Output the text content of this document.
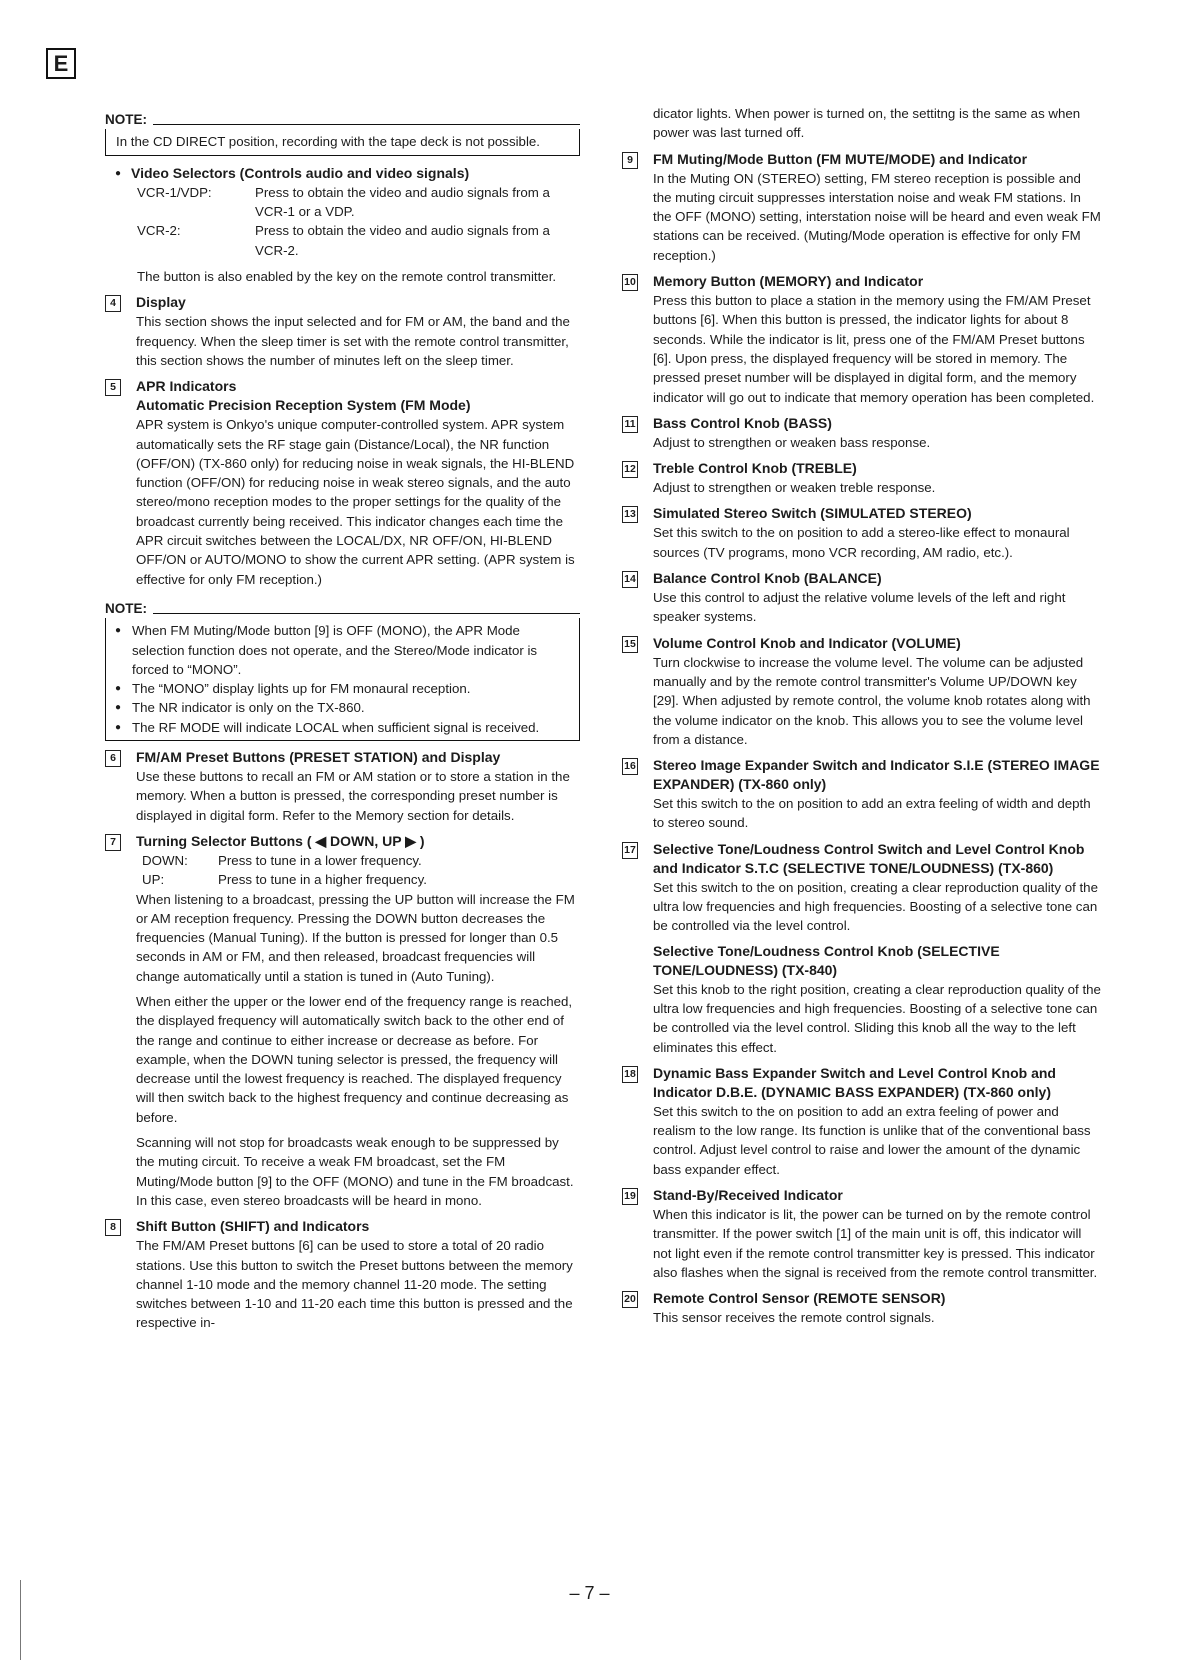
E
NOTE:
In the CD DIRECT position, recording with the tape deck is not possible.
● Video Selectors (Controls audio and video signals)
VCR-1/VDP:	Press to obtain the video and audio signals from a VCR-1 or a VDP.
VCR-2:	Press to obtain the video and audio signals from a VCR-2.

The button is also enabled by the key on the remote control transmitter.

4	Display

This section shows the input selected and for FM or AM, the band and the frequency. When the sleep timer is set with the remote control transmitter, this section shows the number of minutes left on the sleep timer.

5	APR Indicators
Automatic Precision Reception System (FM Mode)

APR system is Onkyo's unique computer-controlled system. APR system automatically sets the RF stage gain (Distance/Local), the NR function (OFF/ON) (TX-860 only) for reducing noise in weak signals, the HI-BLEND function (OFF/ON) for reducing noise in weak stereo signals, and the auto stereo/mono reception modes to the proper settings for the quality of the broadcast currently being received. This indicator changes each time the APR circuit switches between the LOCAL/DX, NR OFF/ON, HI-BLEND OFF/ON or AUTO/MONO to show the current APR setting. (APR system is effective for only FM reception.)

NOTE:
● When FM Muting/Mode button [9] is OFF (MONO), the APR Mode selection function does not operate, and the Stereo/Mode indicator is forced to “MONO”.
● The “MONO” display lights up for FM monaural reception.
● The NR indicator is only on the TX-860.
● The RF MODE will indicate LOCAL when sufficient signal is received.
6	FM/AM Preset Buttons (PRESET STATION) and Display

Use these buttons to recall an FM or AM station or to store a station in the memory. When a button is pressed, the corresponding preset number is displayed in digital form. Refer to the Memory section for details.

7	Turning Selector Buttons ( ◀ DOWN, UP ▶ )
DOWN:	Press to tune in a lower frequency.
UP:	Press to tune in a higher frequency.

When listening to a broadcast, pressing the UP button will increase the FM or AM reception frequency. Pressing the DOWN button decreases the frequencies (Manual Tuning). If the button is pressed for longer than 0.5 seconds in AM or FM, and then released, broadcast frequencies will change automatically until a station is tuned in (Auto Tuning).

When either the upper or the lower end of the frequency range is reached, the displayed frequency will automatically switch back to the other end of the range and continue to either increase or decrease as before. For example, when the DOWN tuning selector is pressed, the frequency will decrease until the lowest frequency is reached. The displayed frequency will then switch back to the highest frequency and continue decreasing as before.

Scanning will not stop for broadcasts weak enough to be suppressed by the muting circuit. To receive a weak FM broadcast, set the FM Muting/Mode button [9] to the OFF (MONO) and tune in the FM broadcast. In this case, even stereo broadcasts will be heard in mono.

8	Shift Button (SHIFT) and Indicators

The FM/AM Preset buttons [6] can be used to store a total of 20 radio stations. Use this button to switch the Preset buttons between the memory channel 1-10 mode and the memory channel 11-20 mode. The setting switches between 1-10 and 11-20 each time this button is pressed and the respective in-

dicator lights. When power is turned on, the settitng is the same as when power was last turned off.

9	FM Muting/Mode Button (FM MUTE/MODE) and Indicator

In the Muting ON (STEREO) setting, FM stereo reception is possible and the muting circuit suppresses interstation noise and weak FM stations. In the OFF (MONO) setting, interstation noise will be heard and even weak FM stations can be received. (Muting/Mode operation is effective for only FM reception.)

10 Memory Button (MEMORY) and Indicator

Press this button to place a station in the memory using the FM/AM Preset buttons [6]. When this button is pressed, the indicator lights for about 8 seconds. While the indicator is lit, press one of the FM/AM Preset buttons [6]. Upon press, the displayed frequency will be stored in memory. The pressed preset number will be displayed in digital form, and the memory indicator will go out to indicate that memory operation has been completed.

11 Bass Control Knob (BASS)

Adjust to strengthen or weaken bass response.

12 Treble Control Knob (TREBLE)

Adjust to strengthen or weaken treble response.

13 Simulated Stereo Switch (SIMULATED STEREO)

Set this switch to the on position to add a stereo-like effect to monaural sources (TV programs, mono VCR recording, AM radio, etc.).

14 Balance Control Knob (BALANCE)

Use this control to adjust the relative volume levels of the left and right speaker systems.

15 Volume Control Knob and Indicator (VOLUME)

Turn clockwise to increase the volume level. The volume can be adjusted manually and by the remote control transmitter's Volume UP/DOWN key [29]. When adjusted by remote control, the volume knob rotates along with the volume indicator on the knob. This allows you to see the volume level from a distance.

16 Stereo Image Expander Switch and Indicator S.I.E (STEREO IMAGE EXPANDER) (TX-860 only)

Set this switch to the on position to add an extra feeling of width and depth to stereo sound.

17 Selective Tone/Loudness Control Switch and Level Control Knob and Indicator S.T.C (SELECTIVE TONE/LOUDNESS) (TX-860)

Set this switch to the on position, creating a clear reproduction quality of the ultra low frequencies and high frequencies. Boosting of a selective tone can be controlled via the level control.

Selective Tone/Loudness Control Knob (SELECTIVE TONE/LOUDNESS) (TX-840)

Set this knob to the right position, creating a clear reproduction quality of the ultra low frequencies and high frequencies. Boosting of a selective tone can be controlled via the level control. Sliding this knob all the way to the left eliminates this effect.

18 Dynamic Bass Expander Switch and Level Control Knob and Indicator D.B.E. (DYNAMIC BASS EXPANDER) (TX-860 only)

Set this switch to the on position to add an extra feeling of power and realism to the low range. Its function is unlike that of the conventional bass control. Adjust level control to raise and lower the amount of the dynamic bass expander effect.

19 Stand-By/Received Indicator

When this indicator is lit, the power can be turned on by the remote control transmitter. If the power switch [1] of the main unit is off, this indicator will not light even if the remote control transmitter key is pressed. This indicator also flashes when the signal is received from the remote control transmitter.

20 Remote Control Sensor (REMOTE SENSOR)

This sensor receives the remote control signals.

– 7 –
